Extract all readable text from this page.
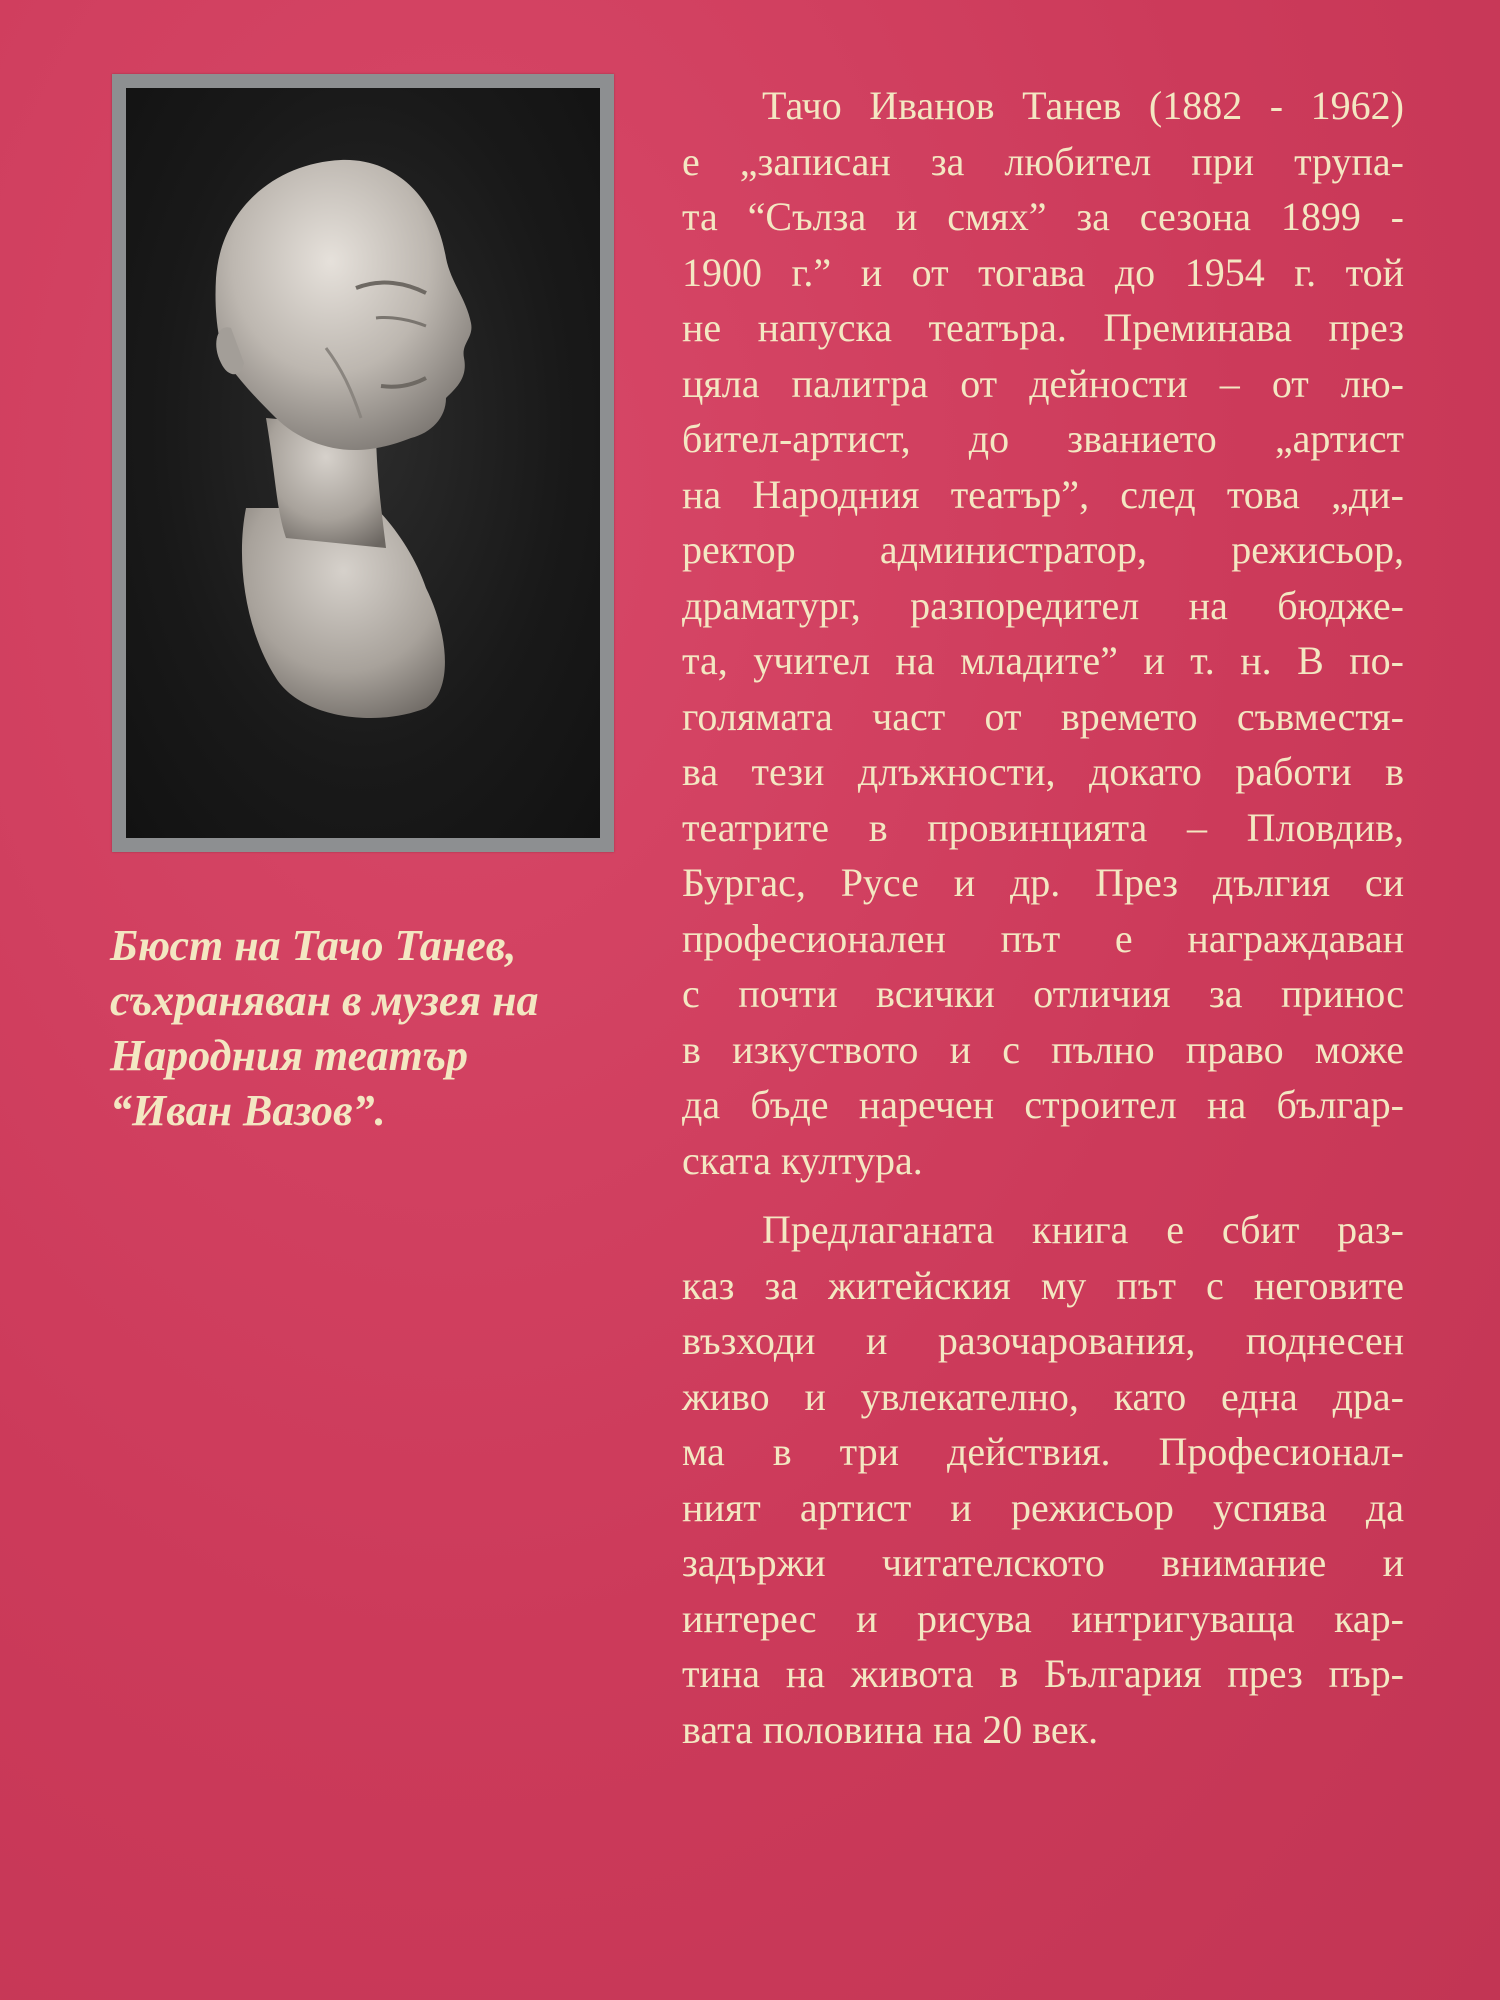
Бюст на Тачо Танев,
съхраняван в музея на
Народния театър
“Иван Вазов”.
Тачо Иванов Танев (1882 - 1962)
е „записан за любител при трупа-
та “Сълза и смях” за сезона 1899 -
1900 г.” и от тогава до 1954 г. той
не напуска театъра. Преминава през
цяла палитра от дейности – от лю-
бител-артист, до званието „артист
на Народния театър”, след това „ди-
ректор администратор, режисьор,
драматург, разпоредител на бюдже-
та, учител на младите” и т. н. В по-
голямата част от времето съвместя-
ва тези длъжности, докато работи в
театрите в провинцията – Пловдив,
Бургас, Русе и др. През дългия си
професионален път е награждаван
с почти всички отличия за принос
в изкуството и с пълно право може
да бъде наречен строител на българ-
ската култура.
Предлаганата книга е сбит раз-
каз за житейския му път с неговите
възходи и разочарования, поднесен
живо и увлекателно, като една дра-
ма в три действия. Професионал-
ният артист и режисьор успява да
задържи читателското внимание и
интерес и рисува интригуваща кар-
тина на живота в България през пър-
вата половина на 20 век.
